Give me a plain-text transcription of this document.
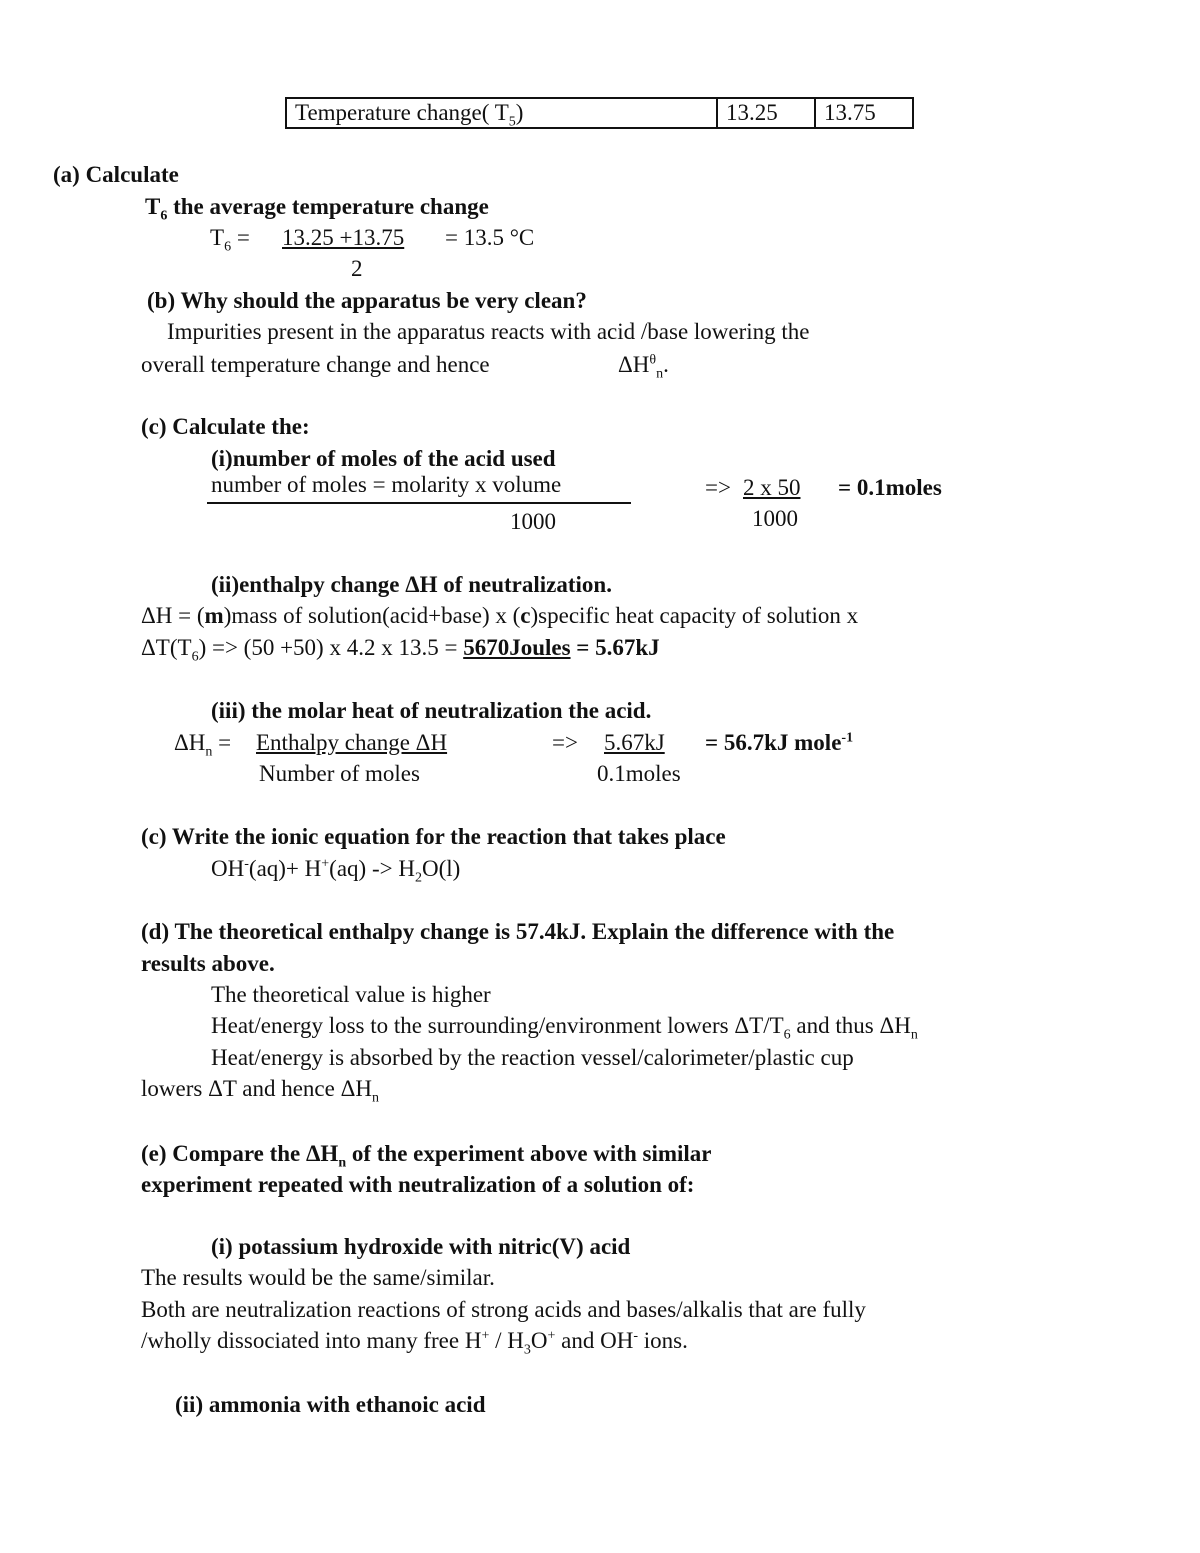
Temperature change( $T_5$)	13.25	13.75
(a) Calculate
$T_6$ the average temperature change
$T_6 = 13.25 +13.75 = 13.5$ °C
2
(b) Why should the apparatus be very clean?
Impurities present in the apparatus reacts with acid /base lowering the
overall temperature change and hence	$\Delta H^\theta_n$.
(c) Calculate the:
(i)number of moles of the acid used
number of moles = molarity x volume
1000
=> 2 x 50
1000
= 0.1moles
(ii)enthalpy change ΔH of neutralization.
ΔH = (m)mass of solution(acid+base) x (c)specific heat capacity of solution x
$\Delta T(T_6) => (50 +50)$ x 4.2 x 13.5 = 5670Joules = 5.67kJ
(iii) the molar heat of neutralization the acid.
$\Delta H_n$ = Enthalpy change ΔH	=> 5.67kJ = 56.7kJ mole$^{-1}$
Number of moles	0.1moles
(c) Write the ionic equation for the reaction that takes place
$OH^-(aq)+ H^+(aq) -> H_2O(l)$
(d) The theoretical enthalpy change is 57.4kJ. Explain the difference with the
results above.
The theoretical value is higher
Heat/energy loss to the surrounding/environment lowers $\Delta T/T_6$ and thus $\Delta H_n$
Heat/energy is absorbed by the reaction vessel/calorimeter/plastic cup
lowers ΔT and hence $\Delta H_n$
(e) Compare the $\Delta H_n$ of the experiment above with similar
experiment repeated with neutralization of a solution of:
(i) potassium hydroxide with nitric(V) acid
The results would be the same/similar.
Both are neutralization reactions of strong acids and bases/alkalis that are fully
/wholly dissociated into many free $H^+ / H_3O^+$ and OH- ions.
(ii) ammonia with ethanoic acid
